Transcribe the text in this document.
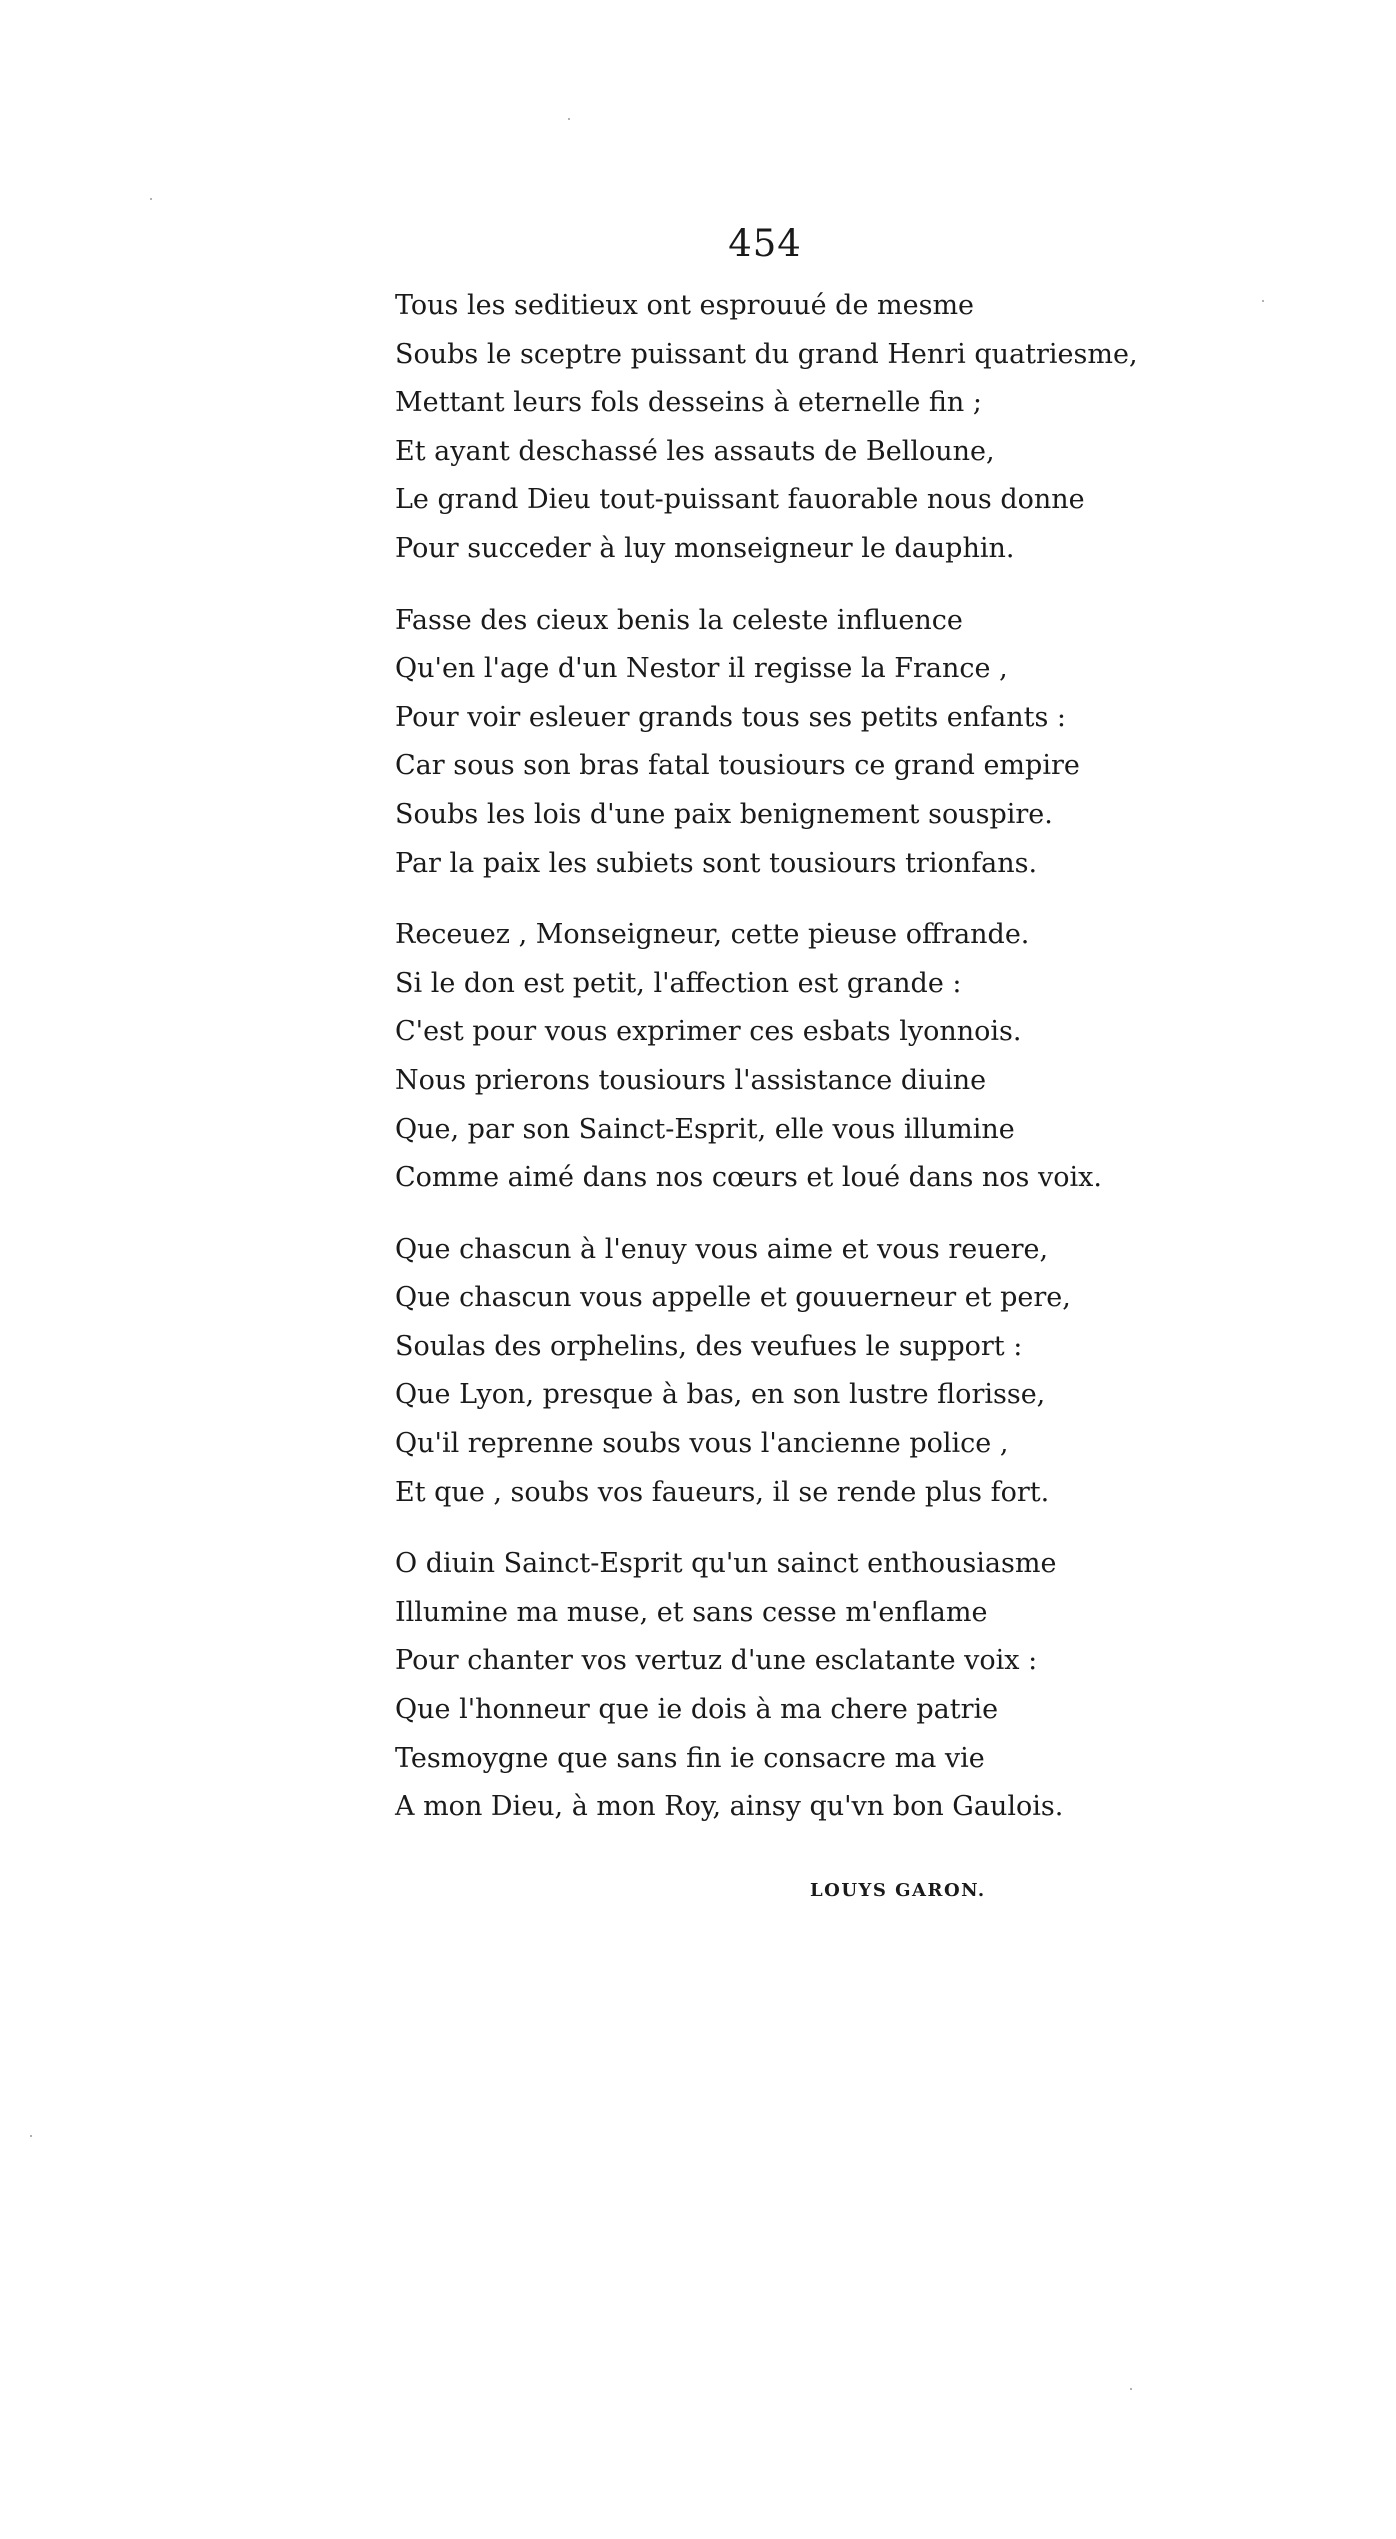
454
Tous les seditieux ont esprouué de mesme
Soubs le sceptre puissant du grand Henri quatriesme,
Mettant leurs fols desseins à eternelle fin ;
Et ayant deschassé les assauts de Belloune,
Le grand Dieu tout-puissant fauorable nous donne
Pour succeder à luy monseigneur le dauphin.
Fasse des cieux benis la celeste influence
Qu'en l'age d'un Nestor il regisse la France ,
Pour voir esleuer grands tous ses petits enfants :
Car sous son bras fatal tousiours ce grand empire
Soubs les lois d'une paix benignement souspire.
Par la paix les subiets sont tousiours trionfans.
Receuez , Monseigneur, cette pieuse offrande.
Si le don est petit, l'affection est grande :
C'est pour vous exprimer ces esbats lyonnois.
Nous prierons tousiours l'assistance diuine
Que, par son Sainct-Esprit, elle vous illumine
Comme aimé dans nos cœurs et loué dans nos voix.
Que chascun à l'enuy vous aime et vous reuere,
Que chascun vous appelle et gouuerneur et pere,
Soulas des orphelins, des veufues le support :
Que Lyon, presque à bas, en son lustre florisse,
Qu'il reprenne soubs vous l'ancienne police ,
Et que , soubs vos faueurs, il se rende plus fort.
O diuin Sainct-Esprit qu'un sainct enthousiasme
Illumine ma muse, et sans cesse m'enflame
Pour chanter vos vertuz d'une esclatante voix :
Que l'honneur que ie dois à ma chere patrie
Tesmoygne que sans fin ie consacre ma vie
A mon Dieu, à mon Roy, ainsy qu'vn bon Gaulois.
LOUYS GARON.
